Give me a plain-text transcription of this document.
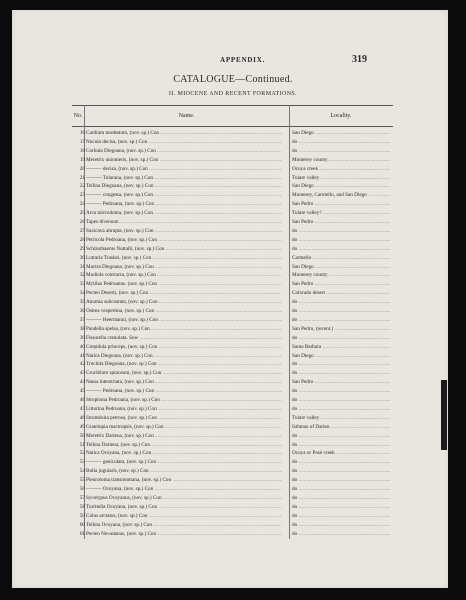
APPENDIX.	319
CATALOGUE—Continued.
II. MIOCENE AND RECENT FORMATIONS.
No.	Name.	Locality.
16 Cardium modestum, (nov. sp.) Con .....	San Diego .....
17 Nucula decisa, (nov. sp.) Con .....	do .....
18 Corbula Diegoana, (nov. sp.) Con .....	do .....
19 Meretrix uniomeris, (nov. sp.) Con .....	Monterey county .....
20 ——— decisa, (nov. sp.) Con .....	Ocoya creek .....
21 ——— Tularana, (nov. sp.) Con .....	Tulare valley .....
22 Tellina Diegoana, (nov. sp.) Con .....	San Diego .....
23 ——— congesta, (nov. sp.) Con .....	Monterey, Carmello, and San Diego .....
24 ——— Pedroana, (nov. sp.) Con .....	San Pedro .....
25 Arca microdonta, (nov. sp.) Con .....	Tulare valley? .....
26 Tapes diversum .....	San Pedro .....
27 Saxicava abrupta, (nov. sp.) Con .....	do .....
28 Petricola Pedroana, (nov. sp.) Con .....	do .....
29 Schizothaerus Nuttalli, (nov. sp.) Con .....	do .....
30 Lutraria Traskei, (nov. sp.) Con .....	Carmello .....
31 Mactra Diegoana, (nov. sp.) Con .....	San Diego .....
32 Modiola contracta, (nov. sp.) Con .....	Monterey county .....
33 Mytilus Pedroanus. (nov. sp.) Con .....	San Pedro .....
34 Pecten Deserti, (nov. sp.) Con .....	Colorado desert .....
35 Anomia subcostata, (nov. sp.) Con .....	do .....
36 Ostrea vespertina, (nov. sp.) Con .....	do .....
37 ——— Heermanni, (nov. sp.) Con .....	do .....
38 Pandella spelsa, (nov. sp.) Con .....	San Pedro, (recent.) .....
39 Fissurella crenulata. Sow .....	do .....
40 Crepidula princeps, (nov. sp.) Con .....	Santa Barbara .....
41 Natica Diegoana, (nov. sp.) Con .....	San Diego .....
42 Trochita Diegoana, (nov. sp.) Con .....	do .....
43 Cruciblum spinosum, (nov. sp.) Con .....	do .....
44 Nassa interstriata, (nov. sp.) Con .....	San Pedro .....
45 ——— Pedroana, (nov. sp.) Con .....	do .....
46 Strophona Pedroana, (nov. sp.) Con .....	do .....
47 Littorina Pedroana, (nov. sp.) Con .....	do .....
48 Struménita petrosa, (nov. sp.) Con .....	Tulare valley .....
49 Gratelupia mactropsis, (nov. sp.) Con .....	Isthmus of Darien .....
50 Meretrix Dariena, (nov. sp.) Con .....	do .....
51 Tellina Dariena, (nov. sp.) Con .....	do .....
52 Natica Ocoyana, (nov. sp.) Con .....	Ocoya or Posé creek .....
53 ——— geniculata, (nov. sp.) Con .....	do .....
54 Bulla jugularis, (nov. sp.) Con .....	do .....
55 Pleurotoma transmontana, (nov. sp.) Con .....	do .....
56 ——— Ocoyana, (nov. sp.) Con .....	do .....
57 Sycotypus Ocoyanus, (nov. sp.) Con .....	do .....
58 Turritella Ocoyana, (nov. sp.) Con .....	do .....
59 Colus arctatus, (nov. sp.) Con .....	do .....
60 Tellina Ocoyana, (nov. sp.) Con .....	do .....
61 Pecten Nevadanus, (nov. sp.) Con .....	do .....
